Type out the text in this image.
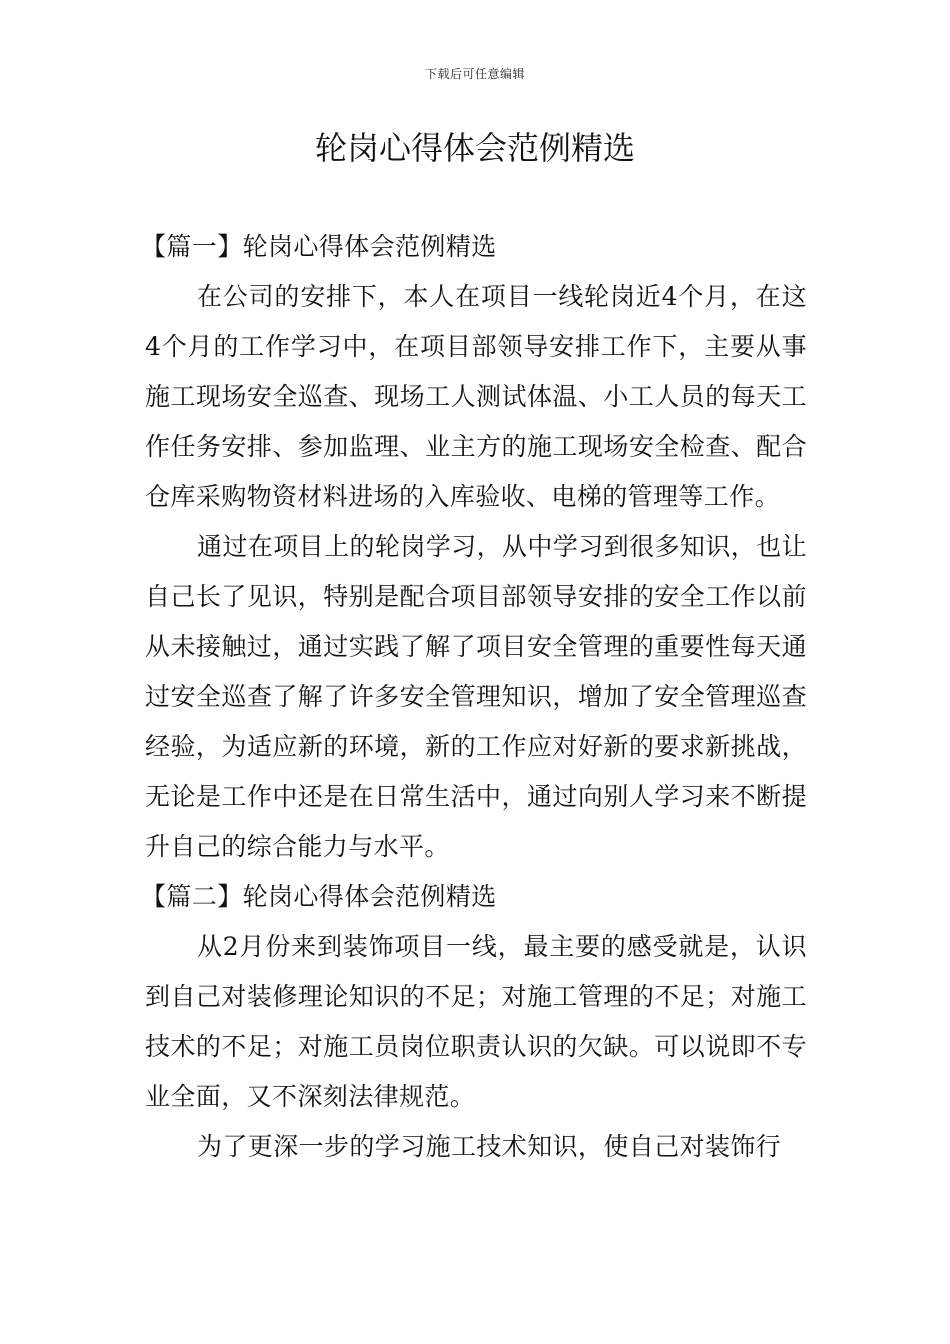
下载后可任意编辑
轮岗心得体会范例精选

【篇一】轮岗心得体会范例精选

在公司的安排下，本人在项目一线轮岗近4个月，在这4个月的工作学习中，在项目部领导安排工作下，主要从事施工现场安全巡查、现场工人测试体温、小工人员的每天工作任务安排、参加监理、业主方的施工现场安全检查、配合仓库采购物资材料进场的入库验收、电梯的管理等工作。

通过在项目上的轮岗学习，从中学习到很多知识，也让自己长了见识，特别是配合项目部领导安排的安全工作以前从未接触过，通过实践了解了项目安全管理的重要性每天通过安全巡查了解了许多安全管理知识，增加了安全管理巡查经验，为适应新的环境，新的工作应对好新的要求新挑战，无论是工作中还是在日常生活中，通过向别人学习来不断提升自己的综合能力与水平。

【篇二】轮岗心得体会范例精选

从2月份来到装饰项目一线，最主要的感受就是，认识到自己对装修理论知识的不足；对施工管理的不足；对施工技术的不足；对施工员岗位职责认识的欠缺。可以说即不专业全面，又不深刻法律规范。

为了更深一步的学习施工技术知识，使自己对装饰行
